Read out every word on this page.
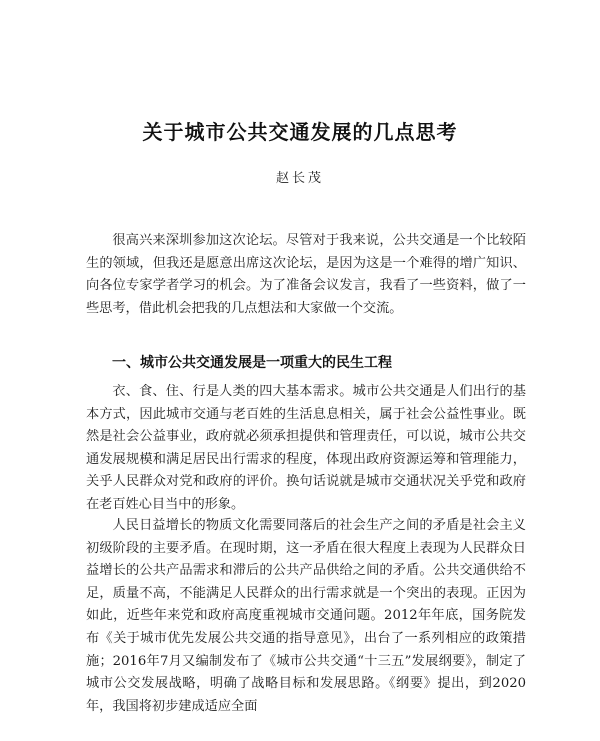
关于城市公共交通发展的几点思考
赵长茂

很高兴来深圳参加这次论坛。尽管对于我来说，公共交通是一个比较陌生的领域，但我还是愿意出席这次论坛，是因为这是一个难得的增广知识、向各位专家学者学习的机会。为了准备会议发言，我看了一些资料，做了一些思考，借此机会把我的几点想法和大家做一个交流。

一、城市公共交通发展是一项重大的民生工程

衣、食、住、行是人类的四大基本需求。城市公共交通是人们出行的基本方式，因此城市交通与老百姓的生活息息相关，属于社会公益性事业。既然是社会公益事业，政府就必须承担提供和管理责任，可以说，城市公共交通发展规模和满足居民出行需求的程度，体现出政府资源运筹和管理能力，关乎人民群众对党和政府的评价。换句话说就是城市交通状况关乎党和政府在老百姓心目当中的形象。

人民日益增长的物质文化需要同落后的社会生产之间的矛盾是社会主义初级阶段的主要矛盾。在现时期，这一矛盾在很大程度上表现为人民群众日益增长的公共产品需求和滞后的公共产品供给之间的矛盾。公共交通供给不足，质量不高，不能满足人民群众的出行需求就是一个突出的表现。正因为如此，近些年来党和政府高度重视城市交通问题。2012年年底，国务院发布《关于城市优先发展公共交通的指导意见》，出台了一系列相应的政策措施；2016年7月又编制发布了《城市公共交通“十三五”发展纲要》，制定了城市公交发展战略，明确了战略目标和发展思路。《纲要》提出，到2020年，我国将初步建成适应全面
